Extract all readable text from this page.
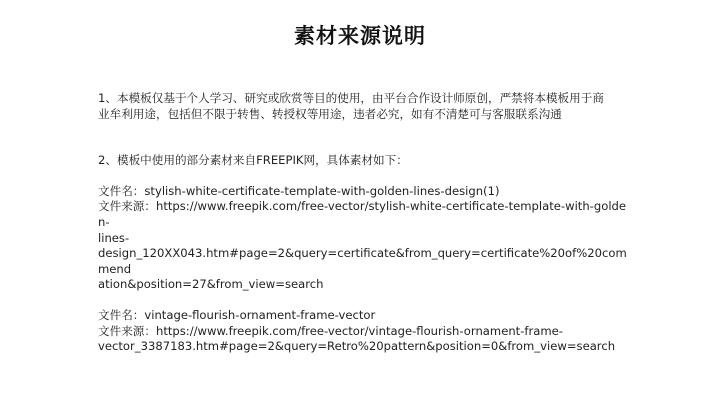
素材来源说明

1、本模板仅基于个人学习、研究或欣赏等目的使用，由平台合作设计师原创，严禁将本模板用于商
业牟利用途，包括但不限于转售、转授权等用途，违者必究，如有不清楚可与客服联系沟通

2、模板中使用的部分素材来自FREEPIK网，具体素材如下：

文件名：stylish-white-certificate-template-with-golden-lines-design(1)
文件来源：https://www.freepik.com/free-vector/stylish-white-certificate-template-with-golden-
lines-
design_120XX043.htm#page=2&query=certificate&from_query=certificate%20of%20commend
ation&position=27&from_view=search
文件名：vintage-flourish-ornament-frame-vector
文件来源：https://www.freepik.com/free-vector/vintage-flourish-ornament-frame-
vector_3387183.htm#page=2&query=Retro%20pattern&position=0&from_view=search
